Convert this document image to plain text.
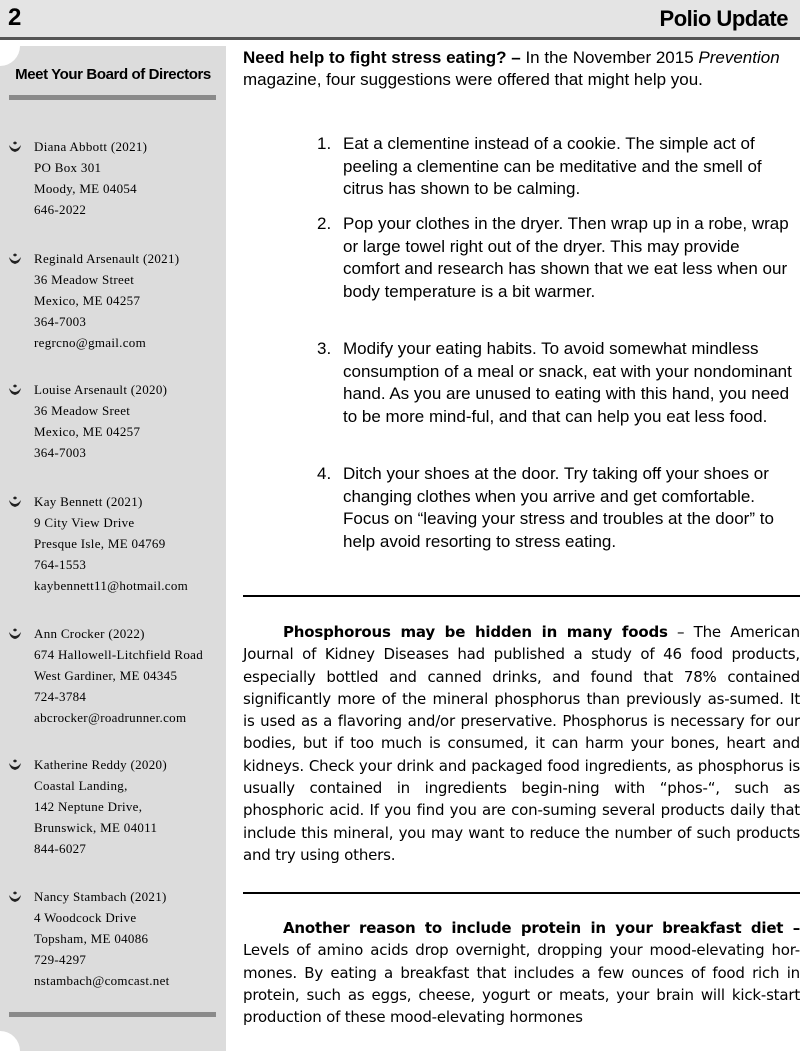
2	Polio Update
Meet Your Board of Directors
Diana Abbott (2021)
PO Box 301
Moody, ME 04054
646-2022
Reginald Arsenault (2021)
36 Meadow Street
Mexico, ME 04257
364-7003
regrcno@gmail.com
Louise Arsenault (2020)
36 Meadow Sreet
Mexico, ME 04257
364-7003
Kay Bennett (2021)
9 City View Drive
Presque Isle, ME 04769
764-1553
kaybennett11@hotmail.com
Ann Crocker (2022)
674 Hallowell-Litchfield Road
West Gardiner, ME 04345
724-3784
abcrocker@roadrunner.com
Katherine Reddy (2020)
Coastal Landing,
142 Neptune Drive,
Brunswick, ME 04011
844-6027
Nancy Stambach (2021)
4 Woodcock Drive
Topsham, ME 04086
729-4297
nstambach@comcast.net
Need help to fight stress eating? – In the November 2015 Prevention magazine, four suggestions were offered that might help you.
1. Eat a clementine instead of a cookie. The simple act of peeling a clementine can be meditative and the smell of citrus has shown to be calming.
2. Pop your clothes in the dryer. Then wrap up in a robe, wrap or large towel right out of the dryer. This may provide comfort and research has shown that we eat less when our body temperature is a bit warmer.
3. Modify your eating habits. To avoid somewhat mindless consumption of a meal or snack, eat with your nondominant hand. As you are unused to eating with this hand, you need to be more mind-ful, and that can help you eat less food.
4. Ditch your shoes at the door. Try taking off your shoes or changing clothes when you arrive and get comfortable. Focus on “leaving your stress and troubles at the door” to help avoid resorting to stress eating.
Phosphorous may be hidden in many foods – The American Journal of Kidney Diseases had published a study of 46 food products, especially bottled and canned drinks, and found that 78% contained significantly more of the mineral phosphorus than previously as-sumed. It is used as a flavoring and/or preservative. Phosphorus is necessary for our bodies, but if too much is consumed, it can harm your bones, heart and kidneys. Check your drink and packaged food ingredients, as phosphorus is usually contained in ingredients begin-ning with “phos-“, such as phosphoric acid. If you find you are con-suming several products daily that include this mineral, you may want to reduce the number of such products and try using others.
Another reason to include protein in your breakfast diet – Levels of amino acids drop overnight, dropping your mood-elevating hor-mones. By eating a breakfast that includes a few ounces of food rich in protein, such as eggs, cheese, yogurt or meats, your brain will kick-start production of these mood-elevating hormones
